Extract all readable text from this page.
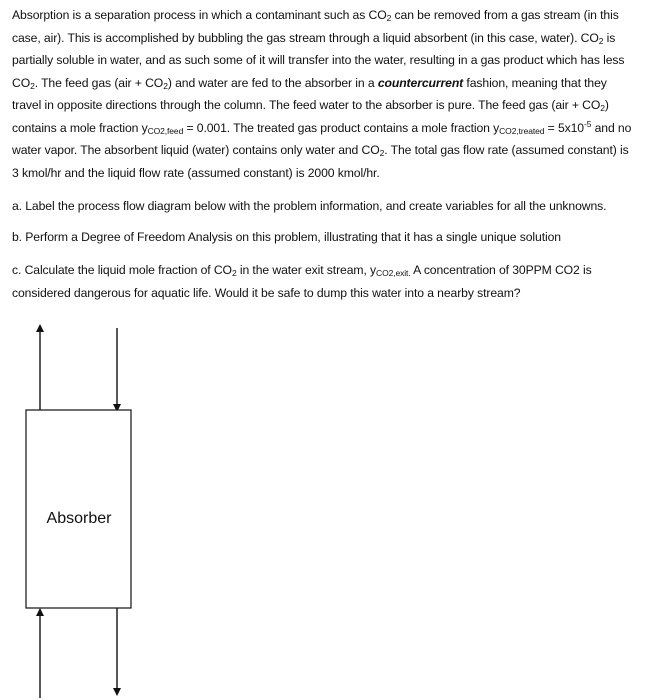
Absorption is a separation process in which a contaminant such as $CO_2$ can be removed from a gas stream (in this case, air). This is accomplished by bubbling the gas stream through a liquid absorbent (in this case, water). $CO_2$ is partially soluble in water, and as such some of it will transfer into the water, resulting in a gas product which has less $CO_2$. The feed gas $(air + CO_2)$ and water are fed to the absorber in a countercurrent fashion, meaning that they travel in opposite directions through the column. The feed water to the absorber is pure. The feed gas $(air + CO_2)$ contains a mole fraction $y_{CO2,feed} = 0.001$. The treated gas product contains a mole fraction $y_{CO2,treated} = 5x10^{-5}$ and no water vapor. The absorbent liquid (water) contains only water and $CO_2$. The total gas flow rate (assumed constant) is 3 kmol/hr and the liquid flow rate (assumed constant) is 2000 kmol/hr.
a. Label the process flow diagram below with the problem information, and create variables for all the unknowns.
b. Perform a Degree of Freedom Analysis on this problem, illustrating that it has a single unique solution
c. Calculate the liquid mole fraction of $CO_2$ in the water exit stream, $y_{CO2,exit.}$ A concentration of 30PPM CO2 is considered dangerous for aquatic life. Would it be safe to dump this water into a nearby stream?
Absorber
